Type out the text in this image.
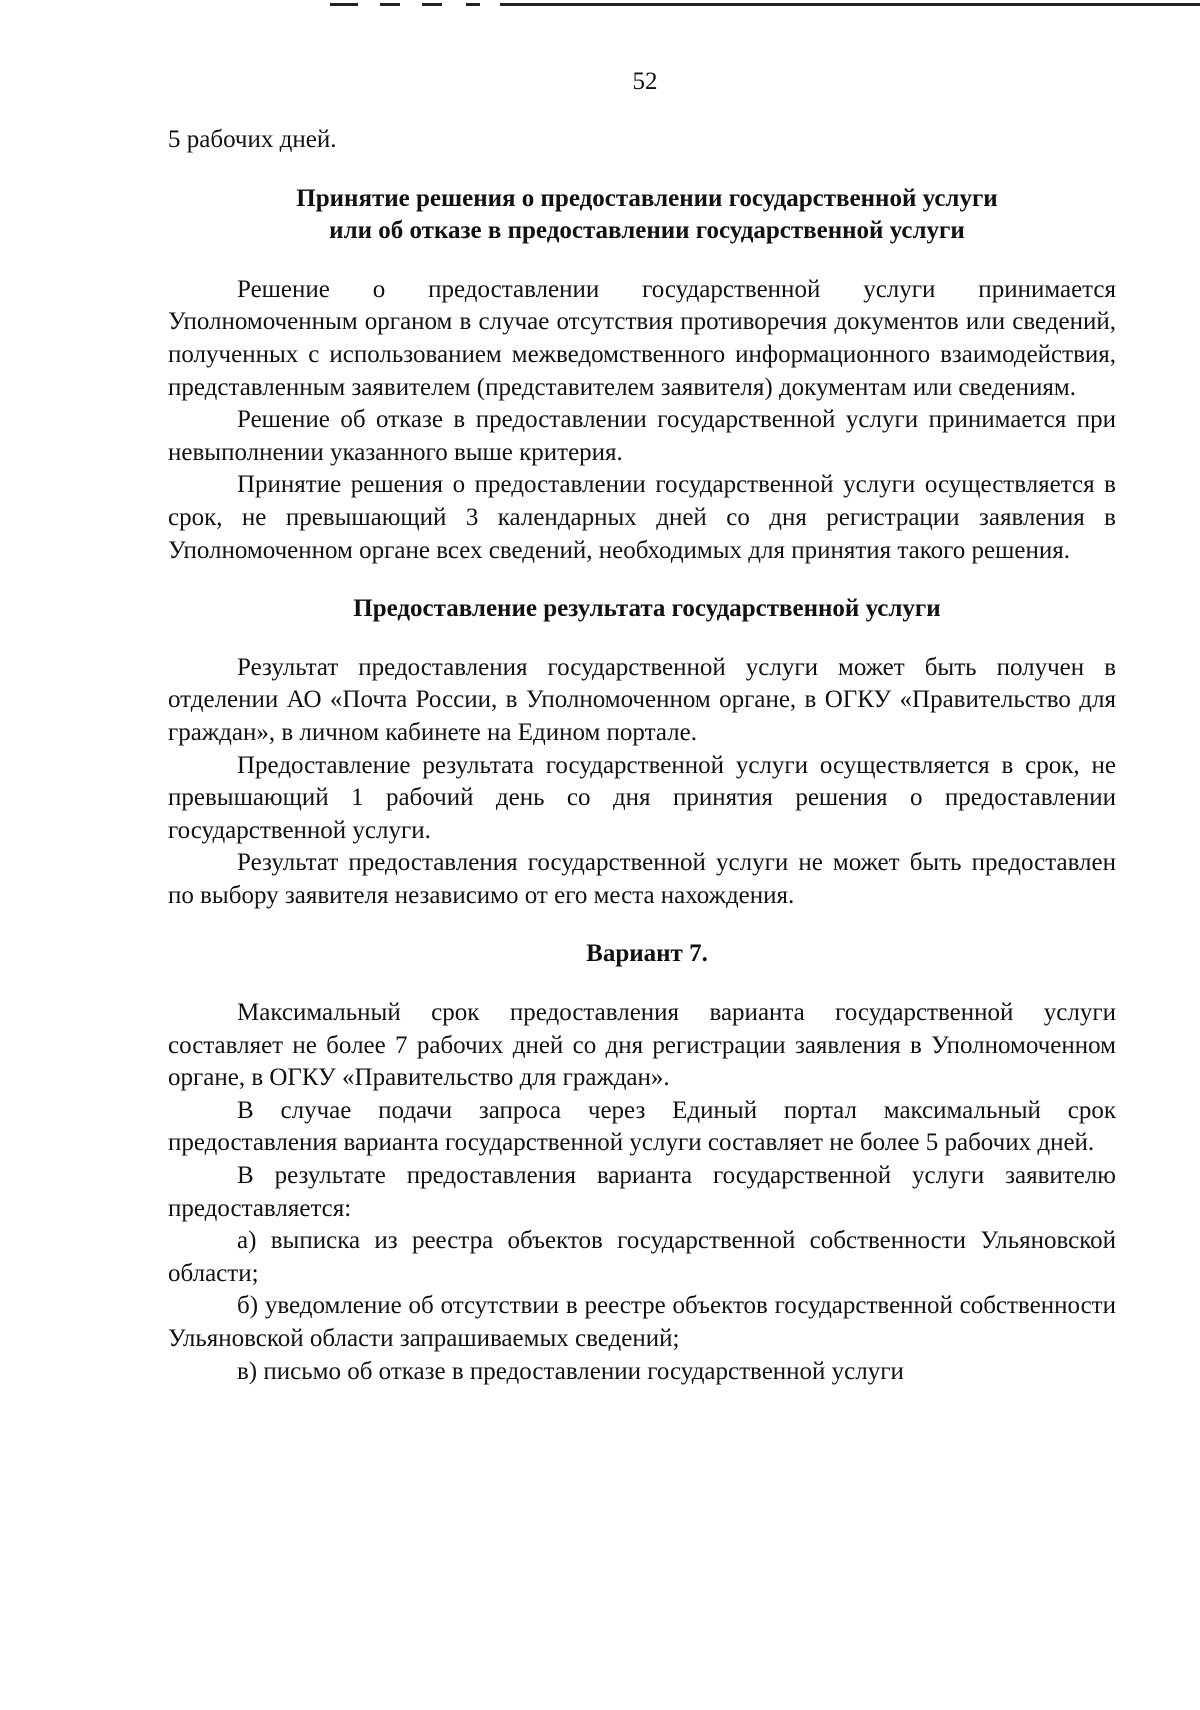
52

5 рабочих дней.

Принятие решения о предоставлении государственной услуги
или об отказе в предоставлении государственной услуги

Решение о предоставлении государственной услуги принимается Уполномоченным органом в случае отсутствия противоречия документов или сведений, полученных с использованием межведомственного информационного взаимодействия, представленным заявителем (представителем заявителя) документам или сведениям.

Решение об отказе в предоставлении государственной услуги принимается при невыполнении указанного выше критерия.

Принятие решения о предоставлении государственной услуги осуществляется в срок, не превышающий 3 календарных дней со дня регистрации заявления в Уполномоченном органе всех сведений, необходимых для принятия такого решения.

Предоставление результата государственной услуги

Результат предоставления государственной услуги может быть получен в отделении АО «Почта России, в Уполномоченном органе, в ОГКУ «Правительство для граждан», в личном кабинете на Едином портале.

Предоставление результата государственной услуги осуществляется в срок, не превышающий 1 рабочий день со дня принятия решения о предоставлении государственной услуги.

Результат предоставления государственной услуги не может быть предоставлен по выбору заявителя независимо от его места нахождения.

Вариант 7.

Максимальный срок предоставления варианта государственной услуги составляет не более 7 рабочих дней со дня регистрации заявления в Уполномоченном органе, в ОГКУ «Правительство для граждан».

В случае подачи запроса через Единый портал максимальный срок предоставления варианта государственной услуги составляет не более 5 рабочих дней.

В результате предоставления варианта государственной услуги заявителю предоставляется:

а) выписка из реестра объектов государственной собственности Ульяновской области;

б) уведомление об отсутствии в реестре объектов государственной собственности Ульяновской области запрашиваемых сведений;

в) письмо об отказе в предоставлении государственной услуги
